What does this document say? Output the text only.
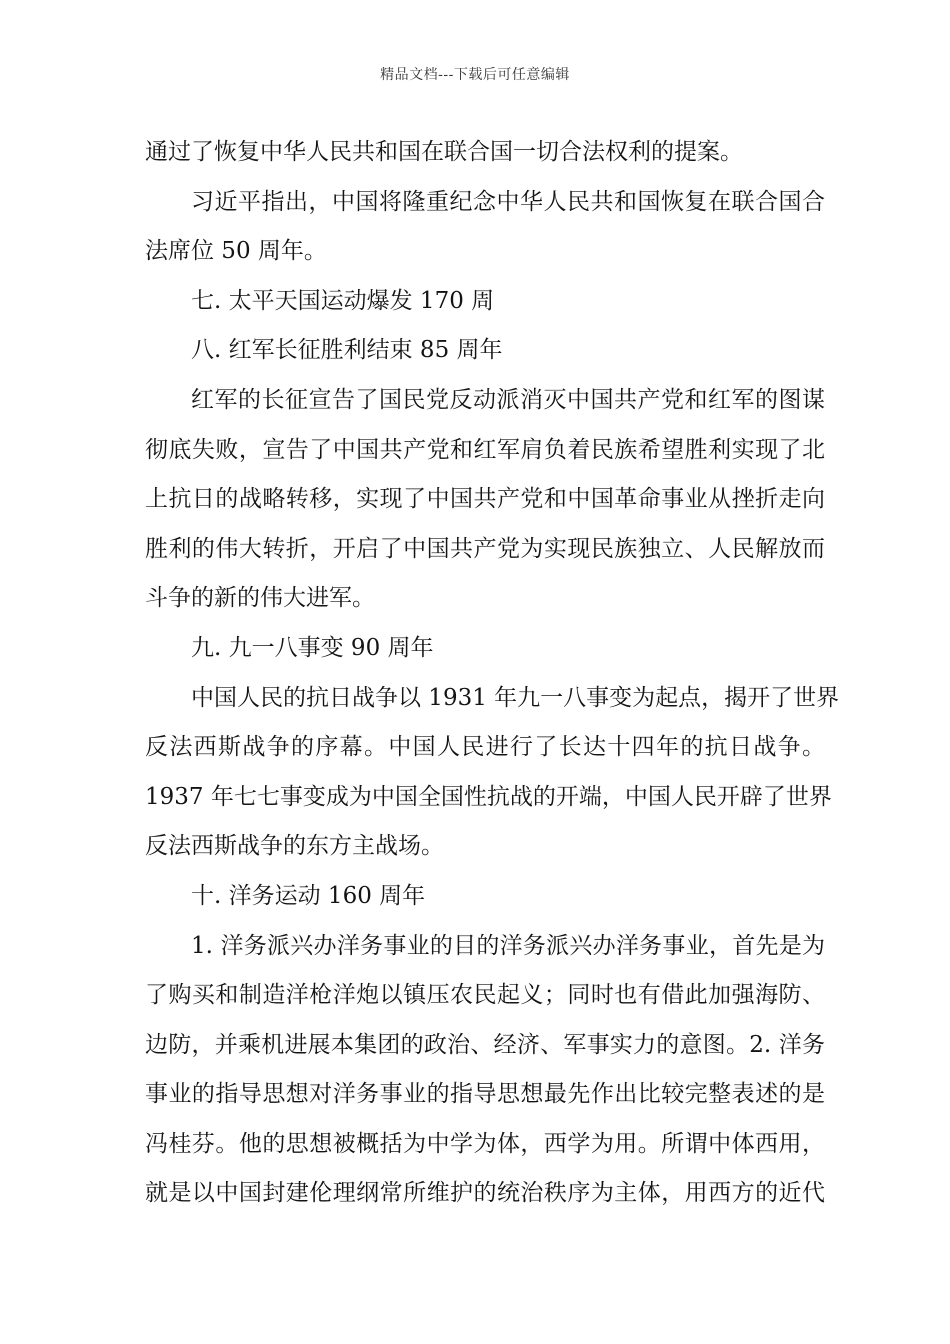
精品文档---下载后可任意编辑
通过了恢复中华人民共和国在联合国一切合法权利的提案。
习近平指出，中国将隆重纪念中华人民共和国恢复在联合国合
法席位 50 周年。
七. 太平天国运动爆发 170 周
八. 红军长征胜利结束 85 周年
红军的长征宣告了国民党反动派消灭中国共产党和红军的图谋
彻底失败，宣告了中国共产党和红军肩负着民族希望胜利实现了北
上抗日的战略转移，实现了中国共产党和中国革命事业从挫折走向
胜利的伟大转折，开启了中国共产党为实现民族独立、人民解放而
斗争的新的伟大进军。
九. 九一八事变 90 周年
中国人民的抗日战争以 1931 年九一八事变为起点，揭开了世界
反法西斯战争的序幕。中国人民进行了长达十四年的抗日战争。
1937 年七七事变成为中国全国性抗战的开端，中国人民开辟了世界
反法西斯战争的东方主战场。
十. 洋务运动 160 周年
1. 洋务派兴办洋务事业的目的洋务派兴办洋务事业，首先是为
了购买和制造洋枪洋炮以镇压农民起义；同时也有借此加强海防、
边防，并乘机进展本集团的政治、经济、军事实力的意图。2. 洋务
事业的指导思想对洋务事业的指导思想最先作出比较完整表述的是
冯桂芬。他的思想被概括为中学为体，西学为用。所谓中体西用，
就是以中国封建伦理纲常所维护的统治秩序为主体，用西方的近代
